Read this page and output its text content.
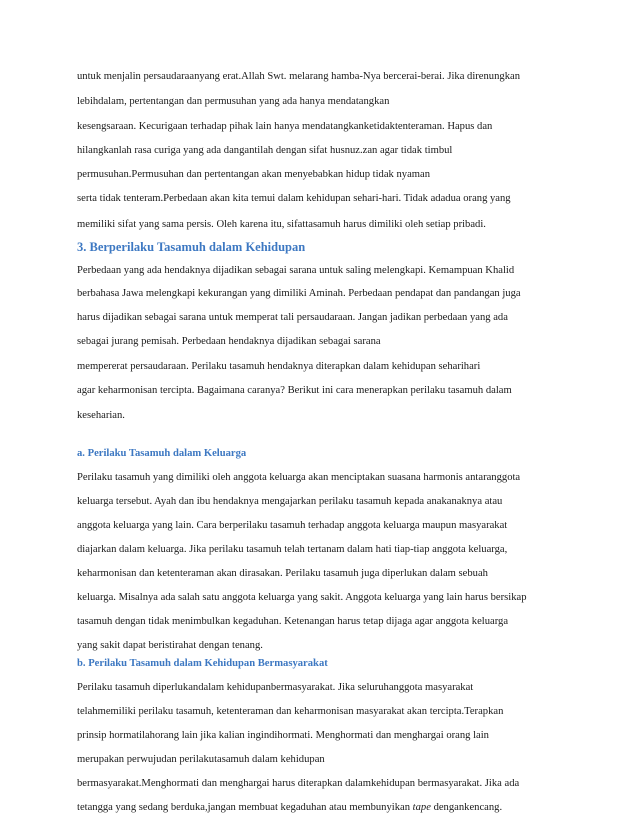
untuk menjalin persaudaraanyang erat.Allah Swt. melarang hamba-Nya bercerai-berai. Jika direnungkan
lebihdalam, pertentangan dan permusuhan yang ada hanya mendatangkan
kesengsaraan. Kecurigaan terhadap pihak lain hanya mendatangkanketidaktenteraman. Hapus dan
hilangkanlah rasa curiga yang ada dangantilah dengan sifat husnuz.zan agar tidak timbul
permusuhan.Permusuhan dan pertentangan akan menyebabkan hidup tidak nyaman
serta tidak tenteram.Perbedaan akan kita temui dalam kehidupan sehari-hari. Tidak adadua orang yang
memiliki sifat yang sama persis. Oleh karena itu, sifattasamuh harus dimiliki oleh setiap pribadi.
3. Berperilaku Tasamuh dalam Kehidupan
Perbedaan yang ada hendaknya dijadikan sebagai sarana untuk saling melengkapi. Kemampuan Khalid
berbahasa Jawa melengkapi kekurangan yang dimiliki Aminah. Perbedaan pendapat dan pandangan juga
harus dijadikan sebagai sarana untuk memperat tali persaudaraan. Jangan jadikan perbedaan yang ada
sebagai jurang pemisah. Perbedaan hendaknya dijadikan sebagai sarana
mempererat persaudaraan. Perilaku tasamuh hendaknya diterapkan dalam kehidupan seharihari
agar keharmonisan tercipta. Bagaimana caranya? Berikut ini cara menerapkan perilaku tasamuh dalam
keseharian.
a. Perilaku Tasamuh dalam Keluarga
Perilaku tasamuh yang dimiliki oleh anggota keluarga akan menciptakan suasana harmonis antaranggota
keluarga tersebut. Ayah dan ibu hendaknya mengajarkan perilaku tasamuh kepada anakanaknya atau
anggota keluarga yang lain. Cara berperilaku tasamuh terhadap anggota keluarga maupun masyarakat
diajarkan dalam keluarga. Jika perilaku tasamuh telah tertanam dalam hati tiap-tiap anggota keluarga,
keharmonisan dan ketenteraman akan dirasakan. Perilaku tasamuh juga diperlukan dalam sebuah
keluarga. Misalnya ada salah satu anggota keluarga yang sakit. Anggota keluarga yang lain harus bersikap
tasamuh dengan tidak menimbulkan kegaduhan. Ketenangan harus tetap dijaga agar anggota keluarga
yang sakit dapat beristirahat dengan tenang.
b. Perilaku Tasamuh dalam Kehidupan Bermasyarakat
Perilaku tasamuh diperlukandalam kehidupanbermasyarakat. Jika seluruhanggota masyarakat
telahmemiliki perilaku tasamuh, ketenteraman dan keharmonisan masyarakat akan tercipta.Terapkan
prinsip hormatilahorang lain jika kalian ingindihormati. Menghormati dan menghargai orang lain
merupakan perwujudan perilakutasamuh dalam kehidupan
bermasyarakat.Menghormati dan menghargai harus diterapkan dalamkehidupan bermasyarakat. Jika ada
tetangga yang sedang berduka,jangan membuat kegaduhan atau membunyikan tape dengankencang.
